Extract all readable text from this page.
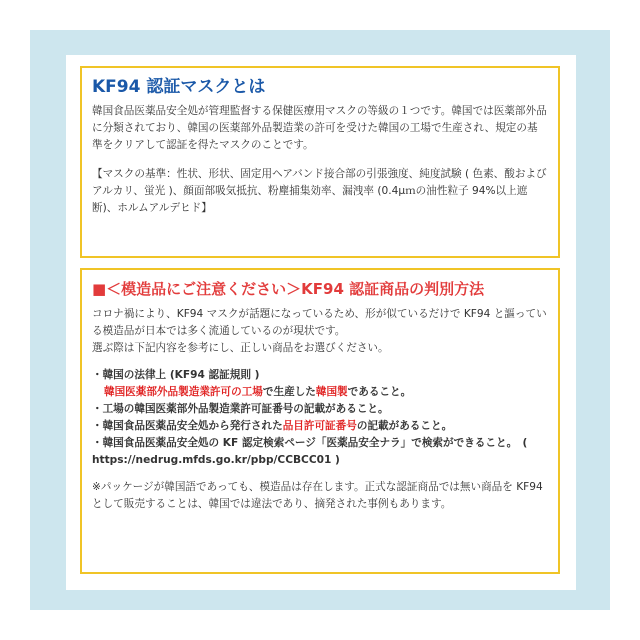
KF94 認証マスクとは

韓国食品医薬品安全処が管理監督する保健医療用マスクの等級の１つです。韓国では医薬部外品に分類されており、韓国の医薬部外品製造業の許可を受けた韓国の工場で生産され、規定の基準をクリアして認証を得たマスクのことです。

【マスクの基準：性状、形状、固定用ヘアバンド接合部の引張強度、純度試験 ( 色素、酸およびアルカリ、蛍光 )、顔面部吸気抵抗、粉塵捕集効率、漏洩率 (0.4μｍの油性粒子 94%以上遮断)、ホルムアルデヒド】

■＜模造品にご注意ください＞KF94 認証商品の判別方法

コロナ禍により、KF94 マスクが話題になっているため、形が似ているだけで KF94 と謳っている模造品が日本では多く流通しているのが現状です。

選ぶ際は下記内容を参考にし、正しい商品をお選びください。

・韓国の法律上 (KF94 認証規則 )
韓国医薬部外品製造業許可の工場で生産した韓国製であること。
・工場の韓国医薬部外品製造業許可証番号の記載があること。
・韓国食品医薬品安全処から発行された品目許可証番号の記載があること。
・韓国食品医薬品安全処の KF 認定検索ページ「医薬品安全ナラ」で検索ができること。　( https://nedrug.mfds.go.kr/pbp/CCBCC01 )

※パッケージが韓国語であっても、模造品は存在します。正式な認証商品では無い商品を KF94 として販売することは、韓国では違法であり、摘発された事例もあります。
